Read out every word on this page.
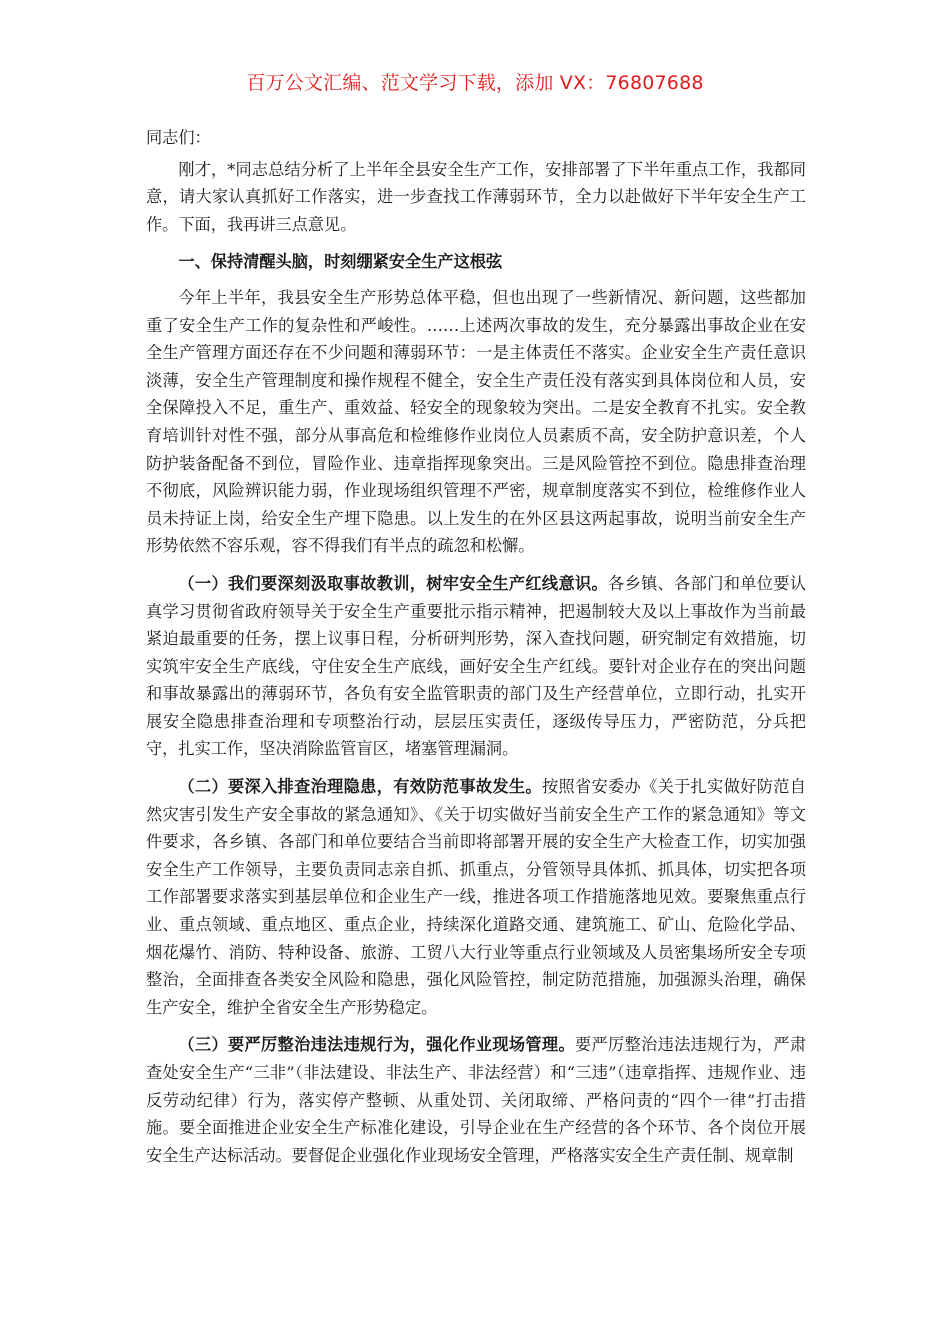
百万公文汇编、范文学习下载，添加 VX：76807688

同志们：

刚才，*同志总结分析了上半年全县安全生产工作，安排部署了下半年重点工作，我都同意，请大家认真抓好工作落实，进一步查找工作薄弱环节，全力以赴做好下半年安全生产工作。下面，我再讲三点意见。

一、保持清醒头脑，时刻绷紧安全生产这根弦

今年上半年，我县安全生产形势总体平稳，但也出现了一些新情况、新问题，这些都加重了安全生产工作的复杂性和严峻性。……上述两次事故的发生，充分暴露出事故企业在安全生产管理方面还存在不少问题和薄弱环节：一是主体责任不落实。企业安全生产责任意识淡薄，安全生产管理制度和操作规程不健全，安全生产责任没有落实到具体岗位和人员，安全保障投入不足，重生产、重效益、轻安全的现象较为突出。二是安全教育不扎实。安全教育培训针对性不强，部分从事高危和检维修作业岗位人员素质不高，安全防护意识差，个人防护装备配备不到位，冒险作业、违章指挥现象突出。三是风险管控不到位。隐患排查治理不彻底，风险辨识能力弱，作业现场组织管理不严密，规章制度落实不到位，检维修作业人员未持证上岗，给安全生产埋下隐患。以上发生的在外区县这两起事故，说明当前安全生产形势依然不容乐观，容不得我们有半点的疏忽和松懈。

（一）我们要深刻汲取事故教训，树牢安全生产红线意识。各乡镇、各部门和单位要认真学习贯彻省政府领导关于安全生产重要批示指示精神，把遏制较大及以上事故作为当前最紧迫最重要的任务，摆上议事日程，分析研判形势，深入查找问题，研究制定有效措施，切实筑牢安全生产底线，守住安全生产底线，画好安全生产红线。要针对企业存在的突出问题和事故暴露出的薄弱环节，各负有安全监管职责的部门及生产经营单位，立即行动，扎实开展安全隐患排查治理和专项整治行动，层层压实责任，逐级传导压力，严密防范，分兵把守，扎实工作，坚决消除监管盲区，堵塞管理漏洞。

（二）要深入排查治理隐患，有效防范事故发生。按照省安委办《关于扎实做好防范自然灾害引发生产安全事故的紧急通知》、《关于切实做好当前安全生产工作的紧急通知》等文件要求，各乡镇、各部门和单位要结合当前即将部署开展的安全生产大检查工作，切实加强安全生产工作领导，主要负责同志亲自抓、抓重点，分管领导具体抓、抓具体，切实把各项工作部署要求落实到基层单位和企业生产一线，推进各项工作措施落地见效。要聚焦重点行业、重点领域、重点地区、重点企业，持续深化道路交通、建筑施工、矿山、危险化学品、烟花爆竹、消防、特种设备、旅游、工贸八大行业等重点行业领域及人员密集场所安全专项整治，全面排查各类安全风险和隐患，强化风险管控，制定防范措施，加强源头治理，确保生产安全，维护全省安全生产形势稳定。

（三）要严厉整治违法违规行为，强化作业现场管理。要严厉整治违法违规行为，严肃查处安全生产“三非”（非法建设、非法生产、非法经营）和“三违”（违章指挥、违规作业、违反劳动纪律）行为，落实停产整顿、从重处罚、关闭取缔、严格问责的“四个一律”打击措施。要全面推进企业安全生产标准化建设，引导企业在生产经营的各个环节、各个岗位开展安全生产达标活动。要督促企业强化作业现场安全管理，严格落实安全生产责任制、规章制
